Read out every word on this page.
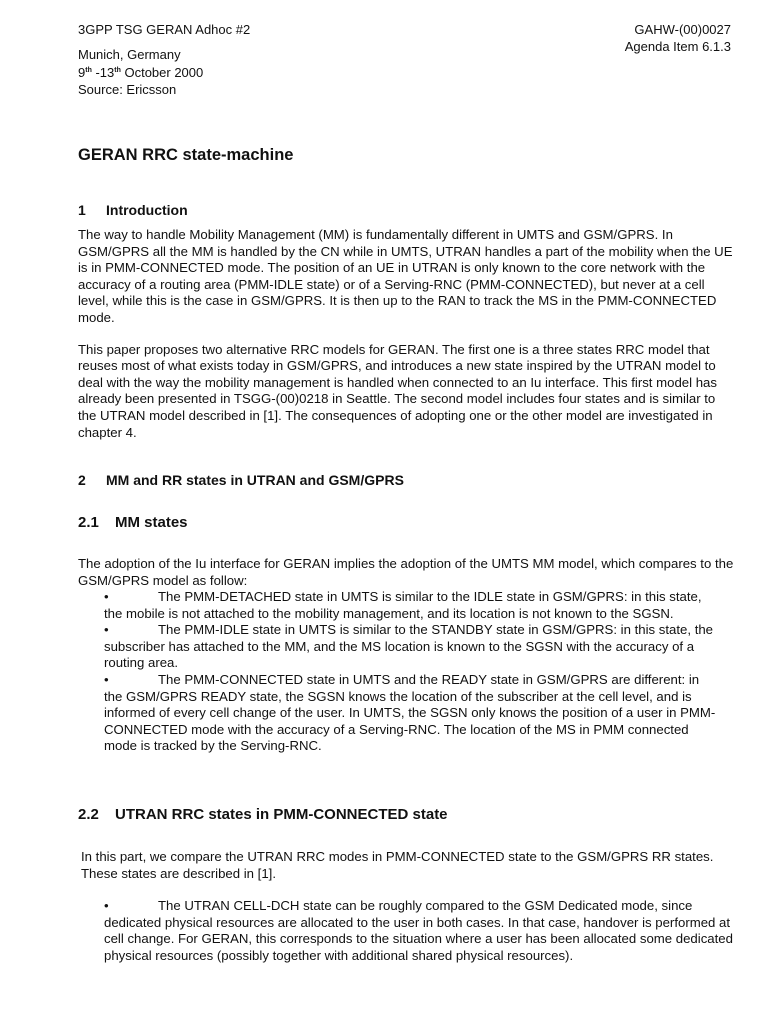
3GPP TSG GERAN Adhoc #2
Munich, Germany
9th -13th October 2000
Source: Ericsson
GAHW-(00)0027
Agenda Item 6.1.3
GERAN RRC state-machine
1 Introduction

The way to handle Mobility Management (MM) is fundamentally different in UMTS and GSM/GPRS. In GSM/GPRS all the MM is handled by the CN while in UMTS, UTRAN handles a part of the mobility when the UE is in PMM-CONNECTED mode. The position of an UE in UTRAN is only known to the core network with the accuracy of a routing area (PMM-IDLE state) or of a Serving-RNC (PMM-CONNECTED), but never at a cell level, while this is the case in GSM/GPRS. It is then up to the RAN to track the MS in the PMM-CONNECTED mode.

This paper proposes two alternative RRC models for GERAN. The first one is a three states RRC model that reuses most of what exists today in GSM/GPRS, and introduces a new state inspired by the UTRAN model to deal with the way the mobility management is handled when connected to an Iu interface. This first model has already been presented in TSGG-(00)0218 in Seattle. The second model includes four states and is similar to the UTRAN model described in [1]. The consequences of adopting one or the other model are investigated in chapter 4.

2 MM and RR states in UTRAN and GSM/GPRS
2.1 MM states
The adoption of the Iu interface for GERAN implies the adoption of the UMTS MM model, which compares to the GSM/GPRS model as follow:
•	The PMM-DETACHED state in UMTS is similar to the IDLE state in GSM/GPRS: in this state, the mobile is not attached to the mobility management, and its location is not known to the SGSN.

•	The PMM-IDLE state in UMTS is similar to the STANDBY state in GSM/GPRS: in this state, the subscriber has attached to the MM, and the MS location is known to the SGSN with the accuracy of a routing area.

•	The PMM-CONNECTED state in UMTS and the READY state in GSM/GPRS are different: in the GSM/GPRS READY state, the SGSN knows the location of the subscriber at the cell level, and is informed of every cell change of the user. In UMTS, the SGSN only knows the position of a user in PMM-CONNECTED mode with the accuracy of a Serving-RNC. The location of the MS in PMM connected mode is tracked by the Serving-RNC.

2.2 UTRAN RRC states in PMM-CONNECTED state
In this part, we compare the UTRAN RRC modes in PMM-CONNECTED state to the GSM/GPRS RR states. These states are described in [1].
•	The UTRAN CELL-DCH state can be roughly compared to the GSM Dedicated mode, since dedicated physical resources are allocated to the user in both cases. In that case, handover is performed at cell change. For GERAN, this corresponds to the situation where a user has been allocated some dedicated physical resources (possibly together with additional shared physical resources).
